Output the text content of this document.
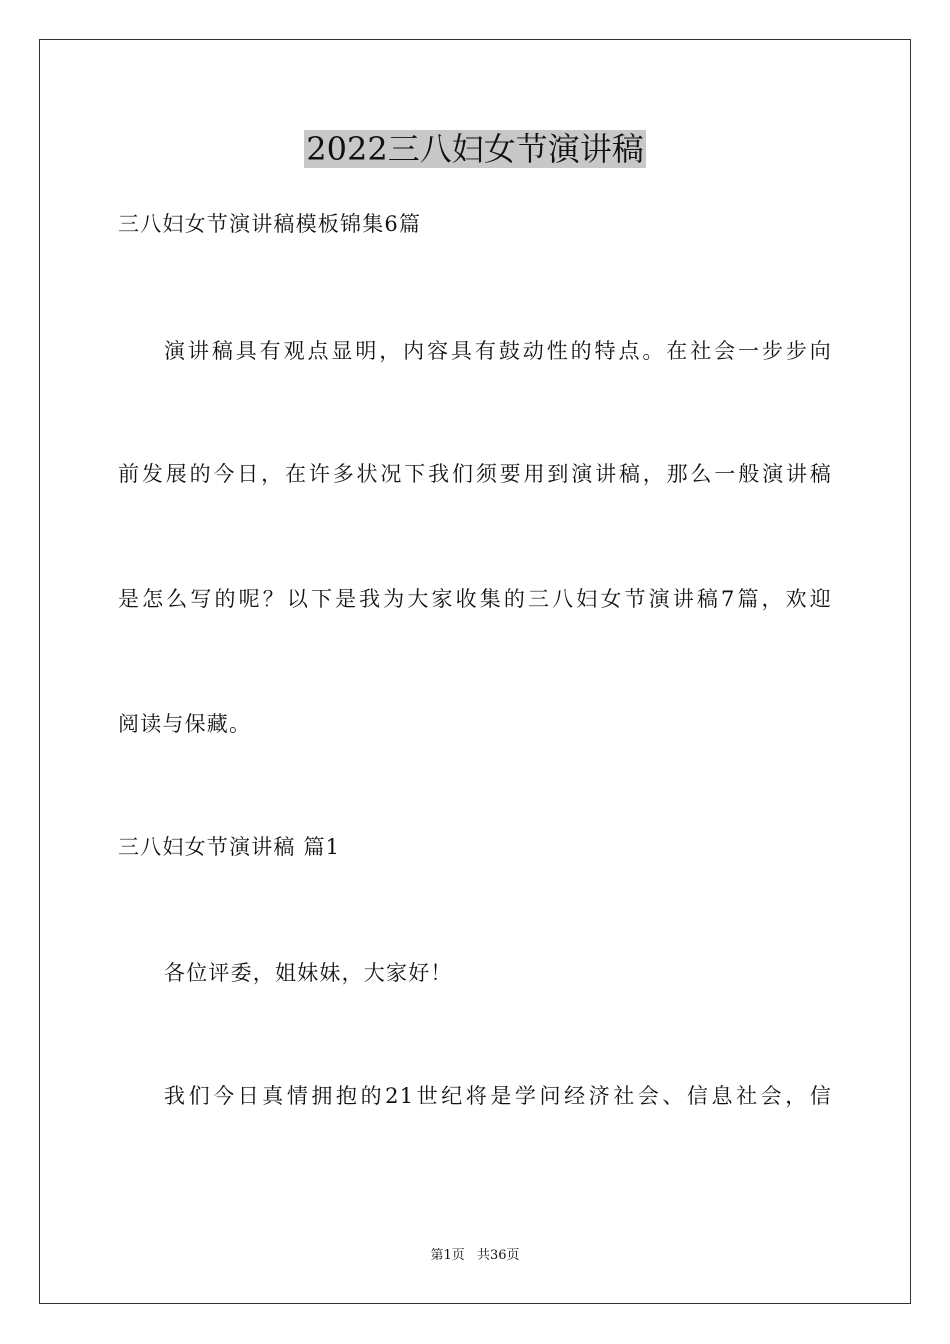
2022三八妇女节演讲稿
三八妇女节演讲稿模板锦集6篇
演讲稿具有观点显明，内容具有鼓动性的特点。在社会一步步向
前发展的今日，在许多状况下我们须要用到演讲稿，那么一般演讲稿
是怎么写的呢？以下是我为大家收集的三八妇女节演讲稿7篇，欢迎
阅读与保藏。
三八妇女节演讲稿 篇1
各位评委，姐妹妹，大家好！
我们今日真情拥抱的21世纪将是学问经济社会、信息社会，信
第1页 共36页
